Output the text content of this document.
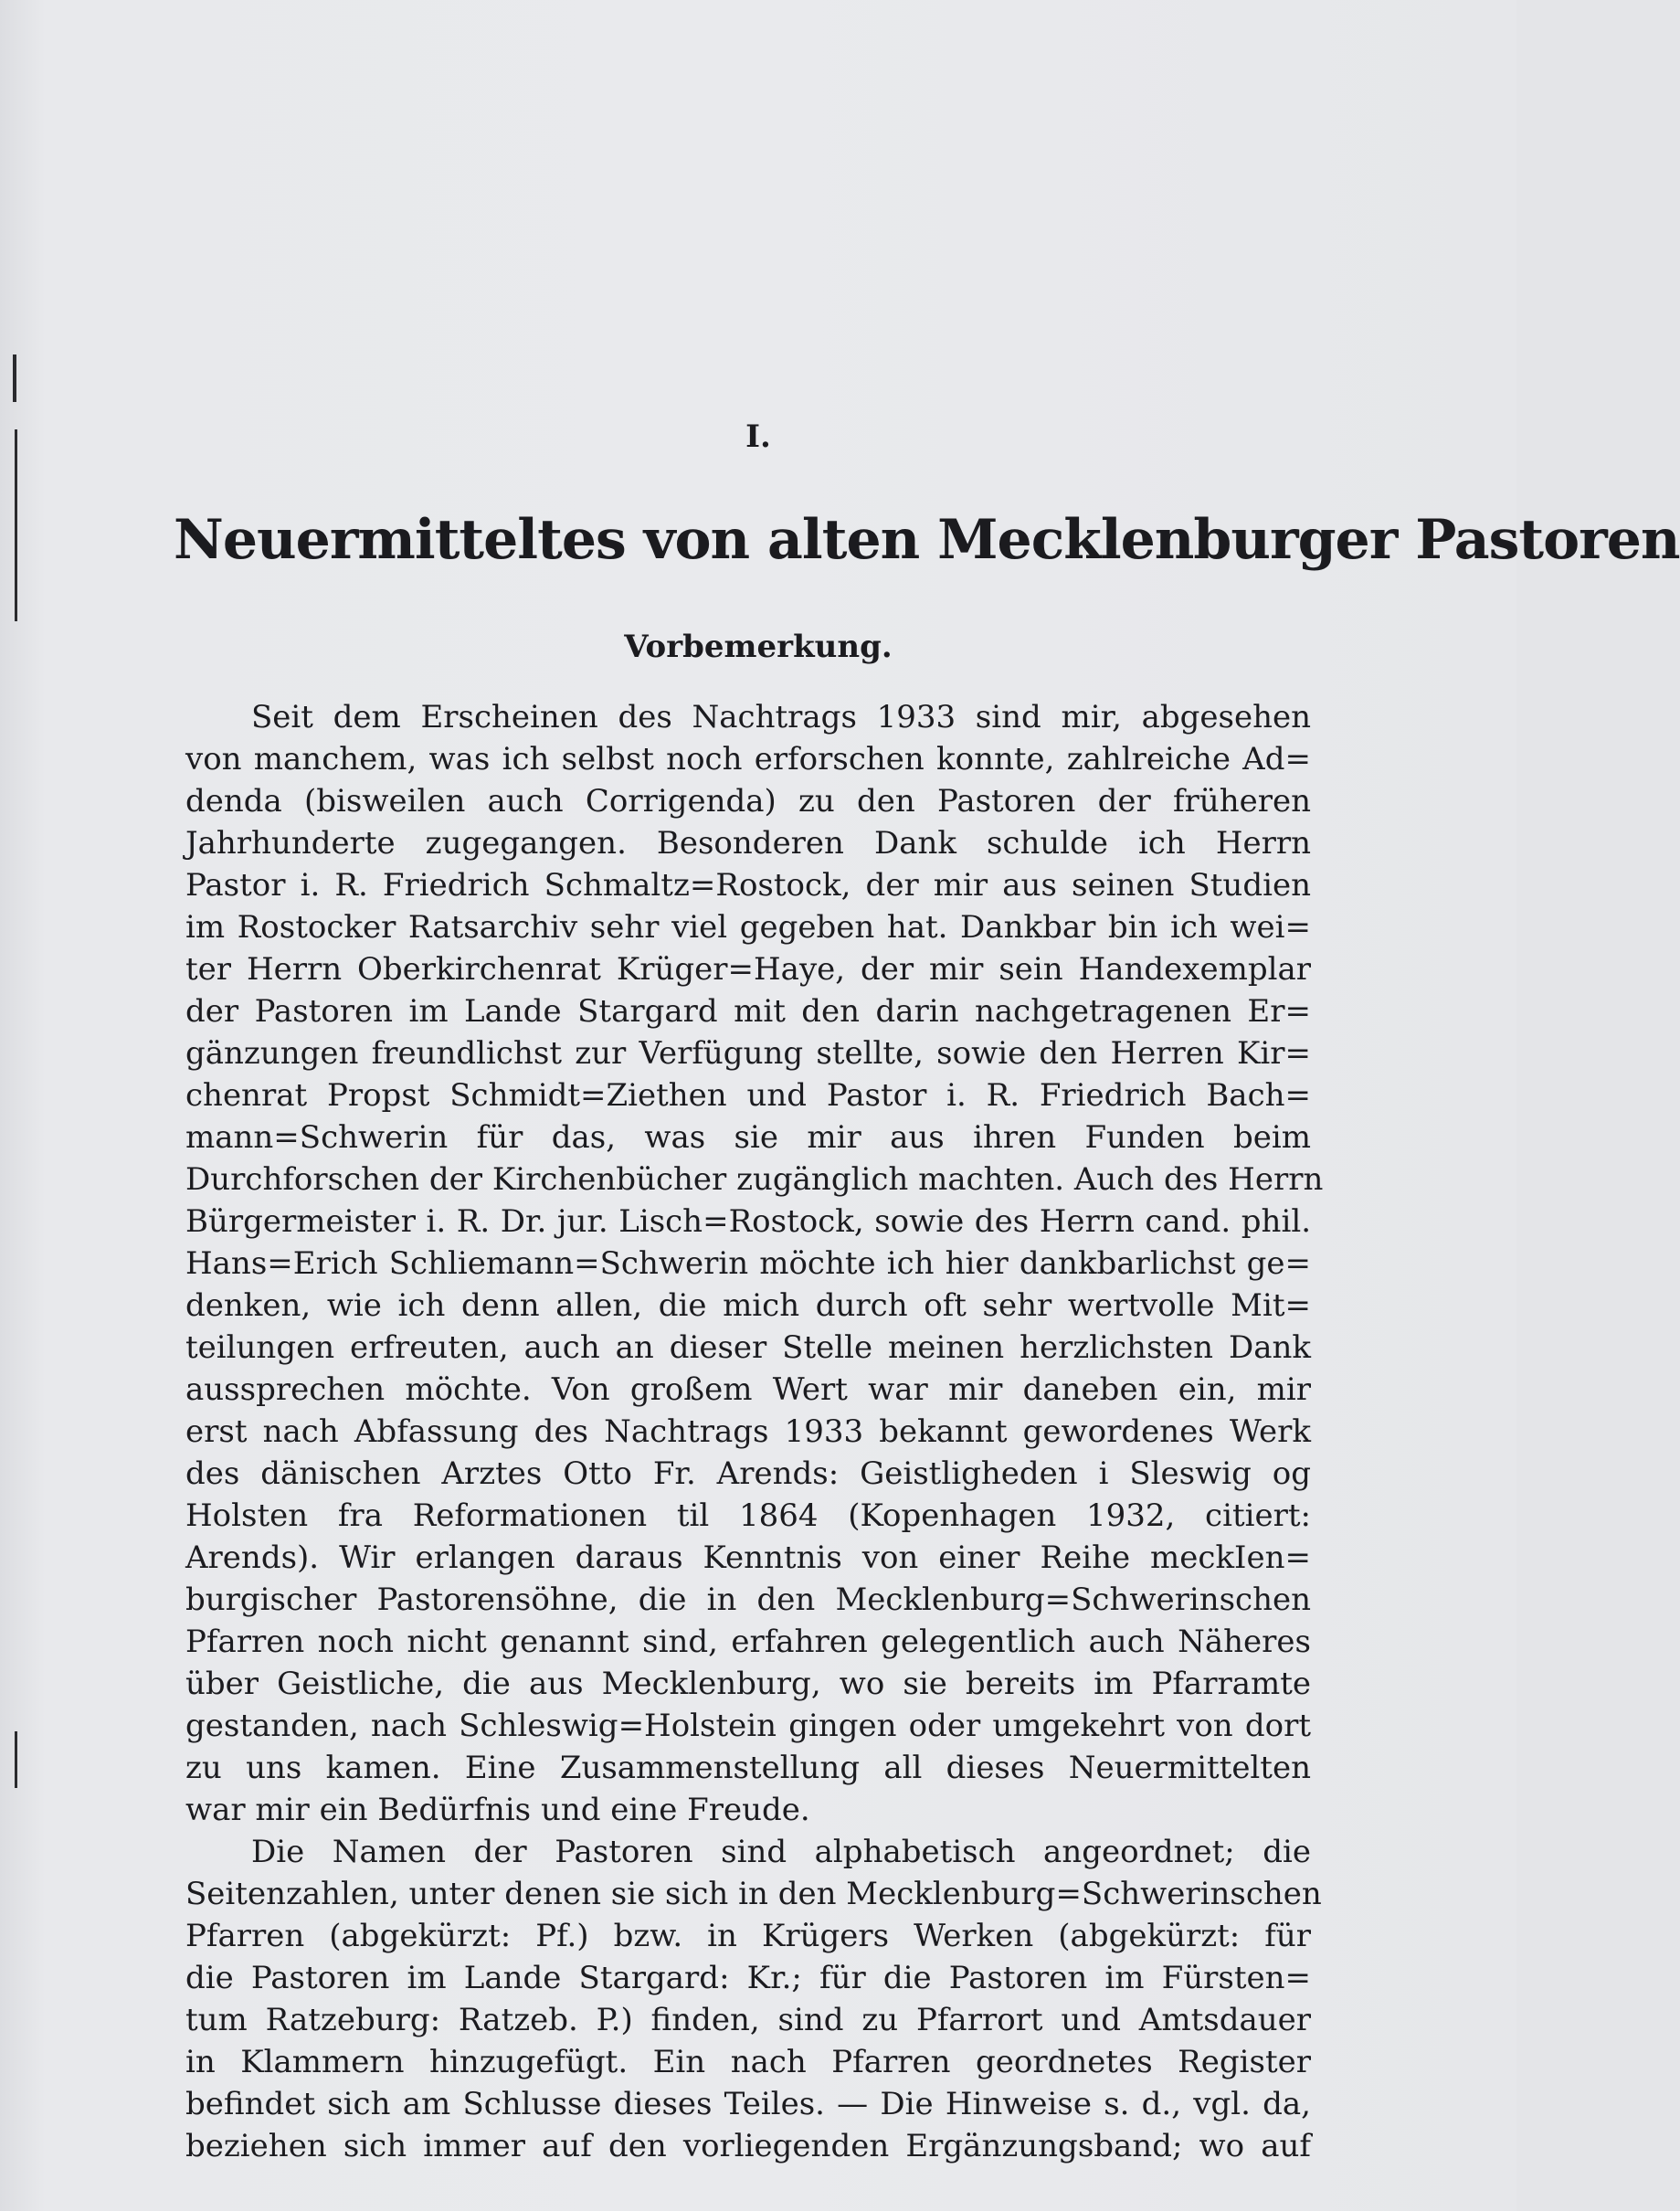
I.
Neuermitteltes von alten Mecklenburger Pastoren
Vorbemerkung.
Seit dem Erscheinen des Nachtrags 1933 sind mir, abgesehen
von manchem, was ich selbst noch erforschen konnte, zahlreiche Ad=
denda (bisweilen auch Corrigenda) zu den Pastoren der früheren
Jahrhunderte zugegangen. Besonderen Dank schulde ich Herrn
Pastor i. R. Friedrich Schmaltz=Rostock, der mir aus seinen Studien
im Rostocker Ratsarchiv sehr viel gegeben hat. Dankbar bin ich wei=
ter Herrn Oberkirchenrat Krüger=Haye, der mir sein Handexemplar
der Pastoren im Lande Stargard mit den darin nachgetragenen Er=
gänzungen freundlichst zur Verfügung stellte, sowie den Herren Kir=
chenrat Propst Schmidt=Ziethen und Pastor i. R. Friedrich Bach=
mann=Schwerin für das, was sie mir aus ihren Funden beim
Durchforschen der Kirchenbücher zugänglich machten. Auch des Herrn
Bürgermeister i. R. Dr. jur. Lisch=Rostock, sowie des Herrn cand. phil.
Hans=Erich Schliemann=Schwerin möchte ich hier dankbarlichst ge=
denken, wie ich denn allen, die mich durch oft sehr wertvolle Mit=
teilungen erfreuten, auch an dieser Stelle meinen herzlichsten Dank
aussprechen möchte. Von großem Wert war mir daneben ein, mir
erst nach Abfassung des Nachtrags 1933 bekannt gewordenes Werk
des dänischen Arztes Otto Fr. Arends: Geistligheden i Sleswig og
Holsten fra Reformationen til 1864 (Kopenhagen 1932, citiert:
Arends). Wir erlangen daraus Kenntnis von einer Reihe meckIen=
burgischer Pastorensöhne, die in den Mecklenburg=Schwerinschen
Pfarren noch nicht genannt sind, erfahren gelegentlich auch Näheres
über Geistliche, die aus Mecklenburg, wo sie bereits im Pfarramte
gestanden, nach Schleswig=Holstein gingen oder umgekehrt von dort
zu uns kamen. Eine Zusammenstellung all dieses Neuermittelten
war mir ein Bedürfnis und eine Freude.
Die Namen der Pastoren sind alphabetisch angeordnet; die
Seitenzahlen, unter denen sie sich in den Mecklenburg=Schwerinschen
Pfarren (abgekürzt: Pf.) bzw. in Krügers Werken (abgekürzt: für
die Pastoren im Lande Stargard: Kr.; für die Pastoren im Fürsten=
tum Ratzeburg: Ratzeb. P.) finden, sind zu Pfarrort und Amtsdauer
in Klammern hinzugefügt. Ein nach Pfarren geordnetes Register
befindet sich am Schlusse dieses Teiles. — Die Hinweise s. d., vgl. da,
beziehen sich immer auf den vorliegenden Ergänzungsband; wo auf
